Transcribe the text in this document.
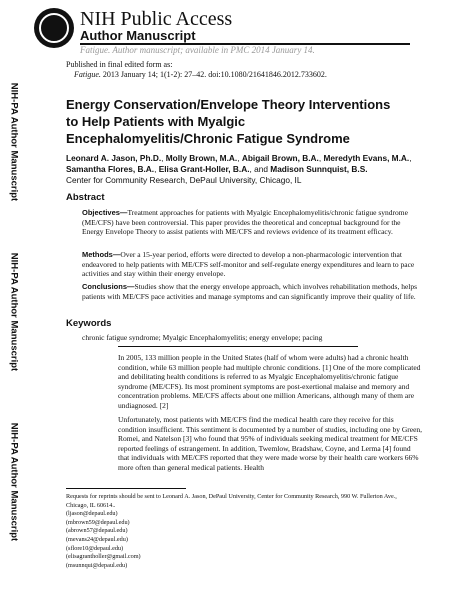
NIH Public Access
Author Manuscript
Fatigue. Author manuscript; available in PMC 2014 January 14.
NIH-PA Author Manuscript
NIH-PA Author Manuscript
NIH-PA Author Manuscript
Published in final edited form as:
Fatigue. 2013 January 14; 1(1-2): 27–42. doi:10.1080/21641846.2012.733602.
Energy Conservation/Envelope Theory Interventions to Help Patients with Myalgic Encephalomyelitis/Chronic Fatigue Syndrome
Leonard A. Jason, Ph.D., Molly Brown, M.A., Abigail Brown, B.A., Meredyth Evans, M.A., Samantha Flores, B.A., Elisa Grant-Holler, B.A., and Madison Sunnquist, B.S.
Center for Community Research, DePaul University, Chicago, IL
Abstract
Objectives—Treatment approaches for patients with Myalgic Encephalomyelitis/chronic fatigue syndrome (ME/CFS) have been controversial. This paper provides the theoretical and conceptual background for the Energy Envelope Theory to assist patients with ME/CFS and reviews evidence of its treatment efficacy.
Methods—Over a 15-year period, efforts were directed to develop a non-pharmacologic intervention that endeavored to help patients with ME/CFS self-monitor and self-regulate energy expenditures and learn to pace activities and stay within their energy envelope.
Conclusions—Studies show that the energy envelope approach, which involves rehabilitation methods, helps patients with ME/CFS pace activities and manage symptoms and can significantly improve their quality of life.
Keywords
chronic fatigue syndrome; Myalgic Encephalomyelitis; energy envelope; pacing
In 2005, 133 million people in the United States (half of whom were adults) had a chronic health condition, while 63 million people had multiple chronic conditions. [1] One of the more complicated and debilitating health conditions is referred to as Myalgic Encephalomyelitis/chronic fatigue syndrome (ME/CFS). Its most prominent symptoms are post-exertional malaise and memory and concentration problems. ME/CFS affects about one million Americans, although many of them are undiagnosed. [2]
Unfortunately, most patients with ME/CFS find the medical health care they receive for this condition insufficient. This sentiment is documented by a number of studies, including one by Green, Romei, and Natelson [3] who found that 95% of individuals seeking medical treatment for ME/CFS reported feelings of estrangement. In addition, Twemlow, Bradshaw, Coyne, and Lerma [4] found that individuals with ME/CFS reported that they were made worse by their health care workers 66% more often than general medical patients. Health
Requests for reprints should be sent to Leonard A. Jason, DePaul University, Center for Community Research, 990 W. Fullerton Ave.,
Chicago, IL 60614..
(ljason@depaul.edu)
(mbrown59@depaul.edu)
(abrown57@depaul.edu)
(mevans24@depaul.edu)
(sflore10@depaul.edu)
(elisagrantholler@gmail.com)
(msunnqui@depaul.edu)
